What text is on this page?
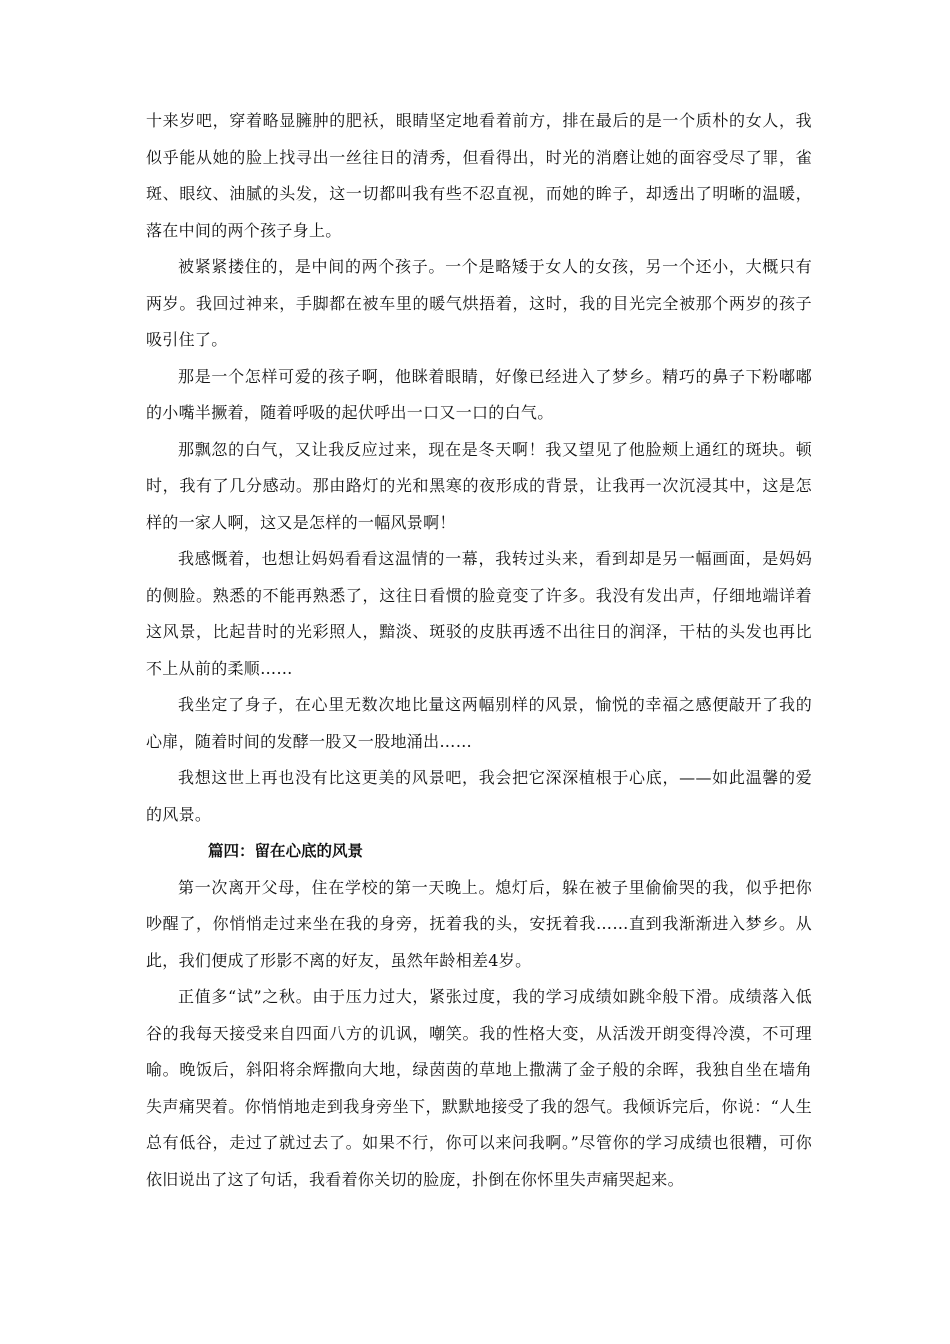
十来岁吧，穿着略显臃肿的肥袄，眼睛坚定地看着前方，排在最后的是一个质朴的女人，我似乎能从她的脸上找寻出一丝往日的清秀，但看得出，时光的消磨让她的面容受尽了罪，雀斑、眼纹、油腻的头发，这一切都叫我有些不忍直视，而她的眸子，却透出了明晰的温暖，落在中间的两个孩子身上。

被紧紧搂住的，是中间的两个孩子。一个是略矮于女人的女孩，另一个还小，大概只有两岁。我回过神来，手脚都在被车里的暖气烘捂着，这时，我的目光完全被那个两岁的孩子吸引住了。

那是一个怎样可爱的孩子啊，他眯着眼睛，好像已经进入了梦乡。精巧的鼻子下粉嘟嘟的小嘴半撅着，随着呼吸的起伏呼出一口又一口的白气。

那飘忽的白气，又让我反应过来，现在是冬天啊！我又望见了他脸颊上通红的斑块。顿时，我有了几分感动。那由路灯的光和黑寒的夜形成的背景，让我再一次沉浸其中，这是怎样的一家人啊，这又是怎样的一幅风景啊！

我感慨着，也想让妈妈看看这温情的一幕，我转过头来，看到却是另一幅画面，是妈妈的侧脸。熟悉的不能再熟悉了，这往日看惯的脸竟变了许多。我没有发出声，仔细地端详着这风景，比起昔时的光彩照人，黯淡、斑驳的皮肤再透不出往日的润泽，干枯的头发也再比不上从前的柔顺……

我坐定了身子，在心里无数次地比量这两幅别样的风景，愉悦的幸福之感便敲开了我的心扉，随着时间的发酵一股又一股地涌出……

我想这世上再也没有比这更美的风景吧，我会把它深深植根于心底，——如此温馨的爱的风景。

篇四：留在心底的风景

第一次离开父母，住在学校的第一天晚上。熄灯后，躲在被子里偷偷哭的我，似乎把你吵醒了，你悄悄走过来坐在我的身旁，抚着我的头，安抚着我……直到我渐渐进入梦乡。从此，我们便成了形影不离的好友，虽然年龄相差4岁。

正值多“试”之秋。由于压力过大，紧张过度，我的学习成绩如跳伞般下滑。成绩落入低谷的我每天接受来自四面八方的讥讽，嘲笑。我的性格大变，从活泼开朗变得冷漠，不可理喻。晚饭后，斜阳将余辉撒向大地，绿茵茵的草地上撒满了金子般的余晖，我独自坐在墙角失声痛哭着。你悄悄地走到我身旁坐下，默默地接受了我的怨气。我倾诉完后，你说：“人生总有低谷，走过了就过去了。如果不行，你可以来问我啊。”尽管你的学习成绩也很糟，可你依旧说出了这了句话，我看着你关切的脸庞，扑倒在你怀里失声痛哭起来。
